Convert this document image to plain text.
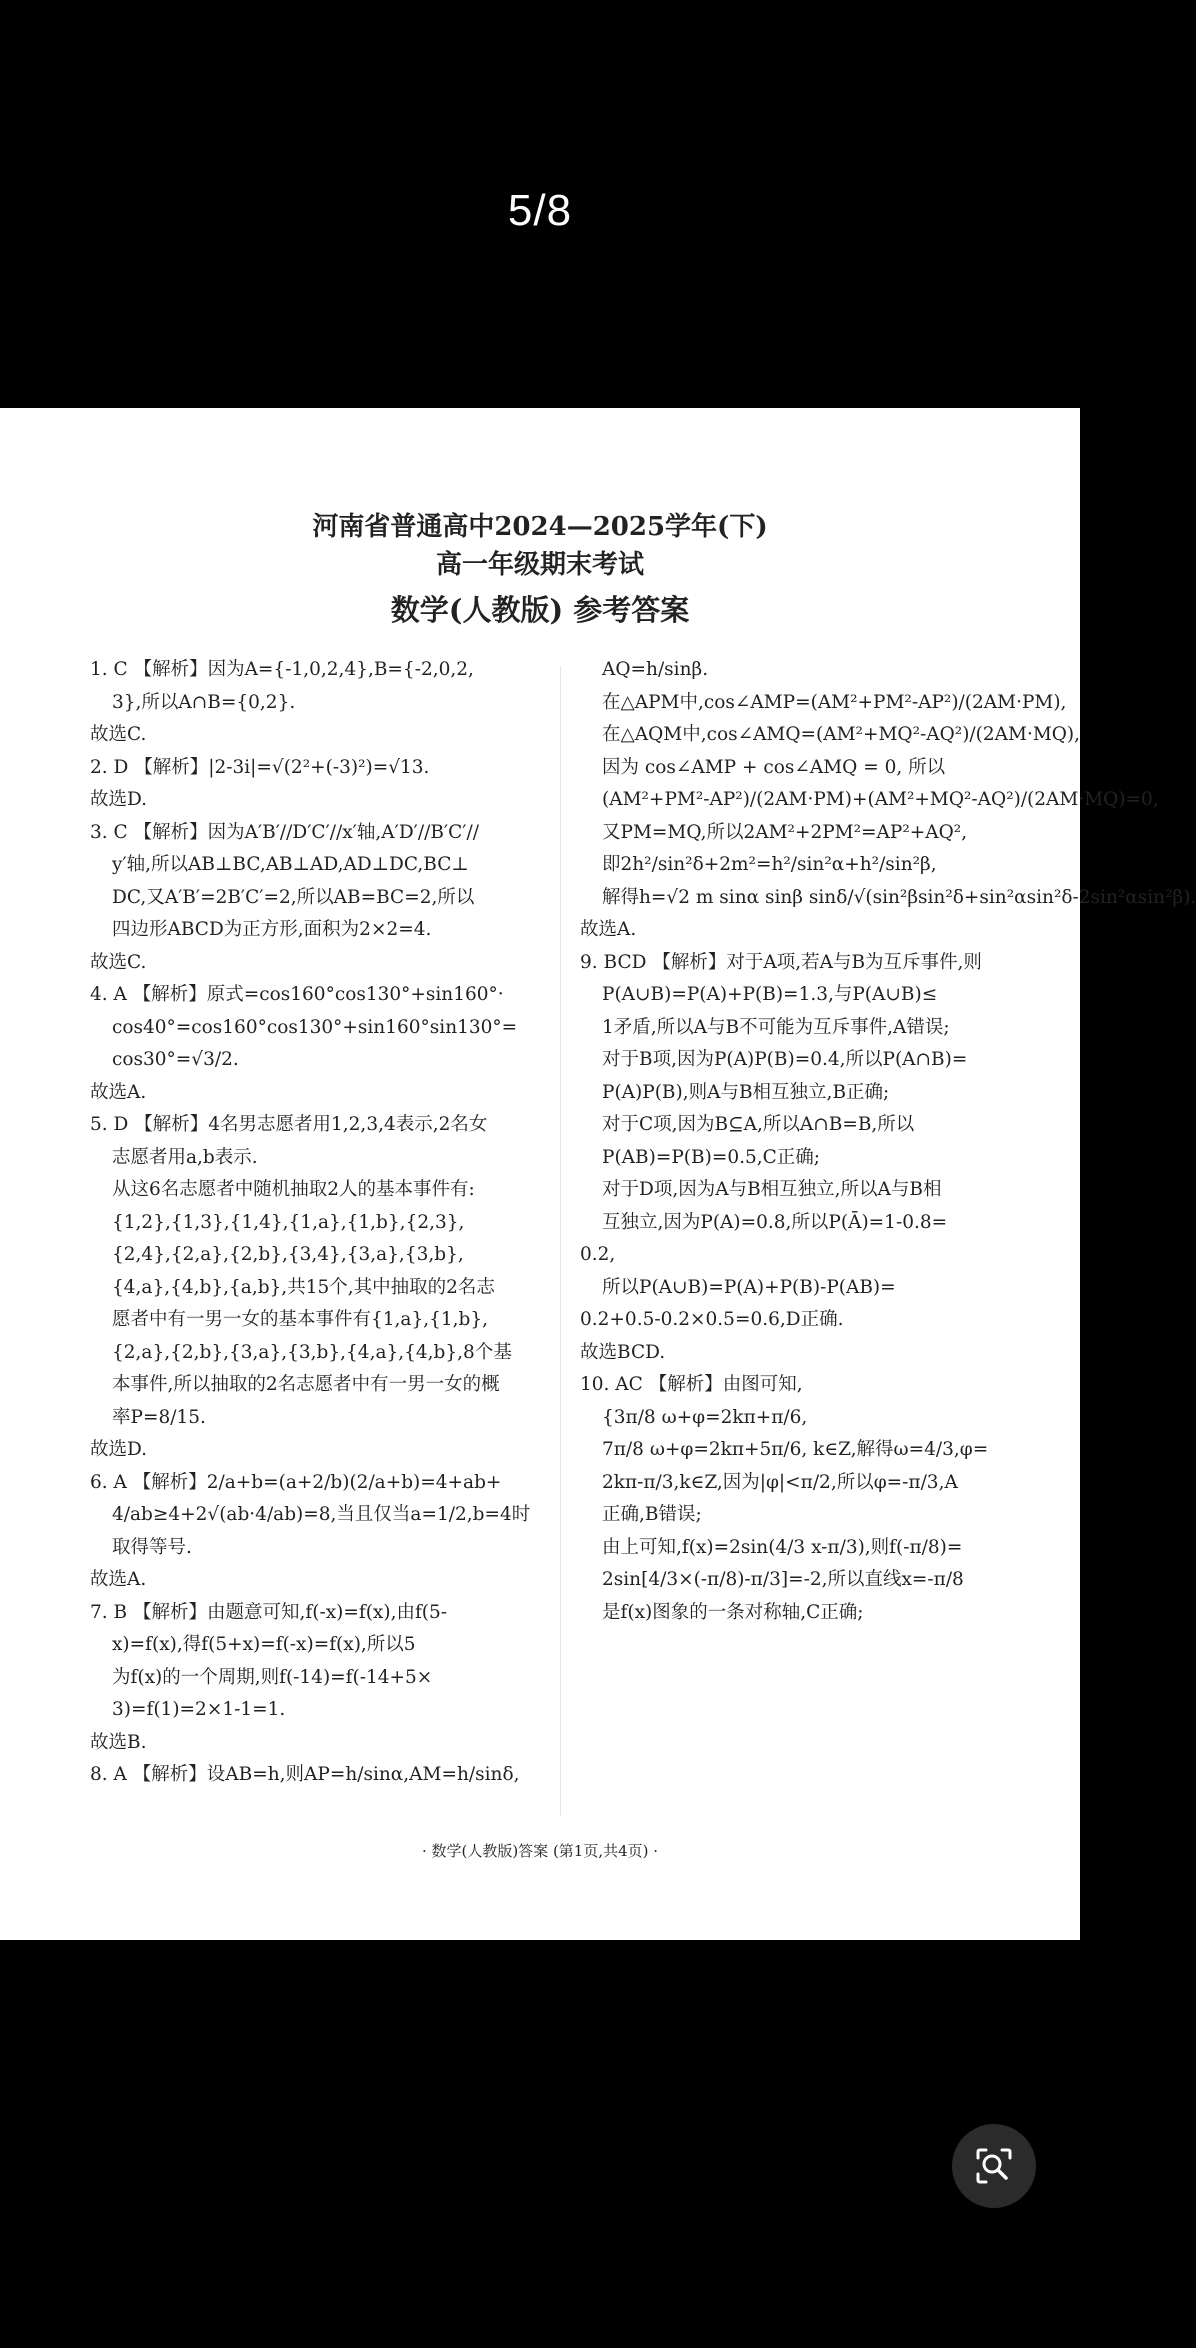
5/8
河南省普通高中2024—2025学年(下)
高一年级期末考试
数学(人教版) 参考答案
1. C 【解析】因为A={-1,0,2,4},B={-2,0,2,
3},所以A∩B={0,2}.
故选C.
2. D 【解析】|2-3i|=√(2²+(-3)²)=√13.
故选D.
3. C 【解析】因为A′B′//D′C′//x′轴,A′D′//B′C′//
y′轴,所以AB⊥BC,AB⊥AD,AD⊥DC,BC⊥
DC,又A′B′=2B′C′=2,所以AB=BC=2,所以
四边形ABCD为正方形,面积为2×2=4.
故选C.
4. A 【解析】原式=cos160°cos130°+sin160°·
cos40°=cos160°cos130°+sin160°sin130°=
cos30°=√3/2.
故选A.
5. D 【解析】4名男志愿者用1,2,3,4表示,2名女
志愿者用a,b表示.
从这6名志愿者中随机抽取2人的基本事件有:
{1,2},{1,3},{1,4},{1,a},{1,b},{2,3},
{2,4},{2,a},{2,b},{3,4},{3,a},{3,b},
{4,a},{4,b},{a,b},共15个,其中抽取的2名志
愿者中有一男一女的基本事件有{1,a},{1,b},
{2,a},{2,b},{3,a},{3,b},{4,a},{4,b},8个基
本事件,所以抽取的2名志愿者中有一男一女的概
率P=8/15.
故选D.
6. A 【解析】2/a+b=(a+2/b)(2/a+b)=4+ab+
4/ab≥4+2√(ab·4/ab)=8,当且仅当a=1/2,b=4时
取得等号.
故选A.
7. B 【解析】由题意可知,f(-x)=f(x),由f(5-
x)=f(x),得f(5+x)=f(-x)=f(x),所以5
为f(x)的一个周期,则f(-14)=f(-14+5×
3)=f(1)=2×1-1=1.
故选B.
8. A 【解析】设AB=h,则AP=h/sinα,AM=h/sinδ,
AQ=h/sinβ.
在△APM中,cos∠AMP=(AM²+PM²-AP²)/(2AM·PM),
在△AQM中,cos∠AMQ=(AM²+MQ²-AQ²)/(2AM·MQ),
因为 cos∠AMP + cos∠AMQ = 0, 所以
(AM²+PM²-AP²)/(2AM·PM)+(AM²+MQ²-AQ²)/(2AM·MQ)=0,
又PM=MQ,所以2AM²+2PM²=AP²+AQ²,
即2h²/sin²δ+2m²=h²/sin²α+h²/sin²β,
解得h=√2 m sinα sinβ sinδ/√(sin²βsin²δ+sin²αsin²δ-2sin²αsin²β).
故选A.
9. BCD 【解析】对于A项,若A与B为互斥事件,则
P(A∪B)=P(A)+P(B)=1.3,与P(A∪B)≤
1矛盾,所以A与B不可能为互斥事件,A错误;
对于B项,因为P(A)P(B)=0.4,所以P(A∩B)=
P(A)P(B),则A与B相互独立,B正确;
对于C项,因为B⊆A,所以A∩B=B,所以
P(AB)=P(B)=0.5,C正确;
对于D项,因为A与B相互独立,所以A与B相
互独立,因为P(A)=0.8,所以P(Ā)=1-0.8=
0.2,
所以P(A∪B)=P(A)+P(B)-P(AB)=
0.2+0.5-0.2×0.5=0.6,D正确.
故选BCD.
10. AC 【解析】由图可知,
{3π/8 ω+φ=2kπ+π/6,
7π/8 ω+φ=2kπ+5π/6, k∈Z,解得ω=4/3,φ=
2kπ-π/3,k∈Z,因为|φ|<π/2,所以φ=-π/3,A
正确,B错误;
由上可知,f(x)=2sin(4/3 x-π/3),则f(-π/8)=
2sin[4/3×(-π/8)-π/3]=-2,所以直线x=-π/8
是f(x)图象的一条对称轴,C正确;
· 数学(人教版)答案 (第1页,共4页) ·
